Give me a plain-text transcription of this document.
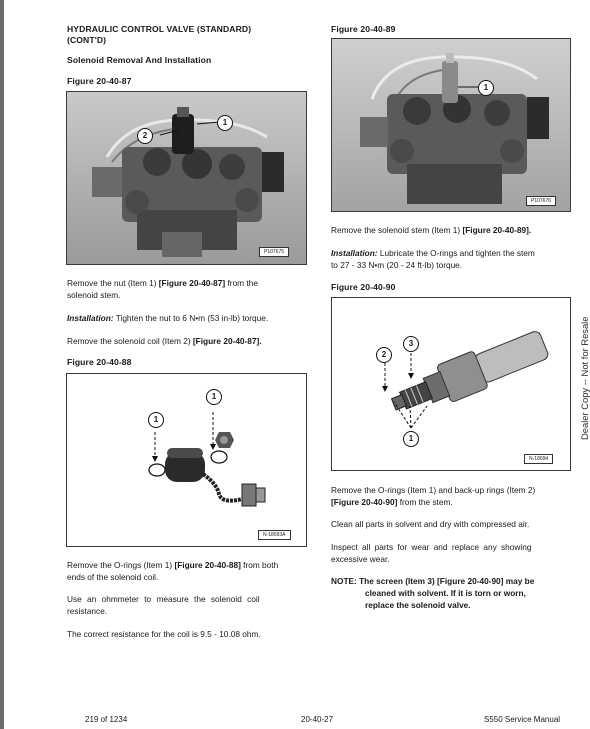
HYDRAULIC CONTROL VALVE (STANDARD)
(CONT'D)
Solenoid Removal And Installation
Figure 20-40-87
1
2
P107675
Remove the nut (Item 1) [Figure 20-40-87] from the
solenoid stem.
Installation: Tighten the nut to 6 N•m (53 in-lb) torque.
Remove the solenoid coil (Item 2) [Figure 20-40-87].
Figure 20-40-88
1
1
N-18693A
Remove the O-rings (Item 1) [Figure 20-40-88] from both
ends of the solenoid coil.
Use an ohmmeter to measure the solenoid coil
resistance.
The correct resistance for the coil is 9.5 - 10.08 ohm.
Figure 20-40-89
1
P107676
Remove the solenoid stem (Item 1) [Figure 20-40-89].
Installation: Lubricate the O-rings and tighten the stem
to 27 - 33 N•m (20 - 24 ft-lb) torque.
Figure 20-40-90
2
3
1
N-18694
Remove the O-rings (Item 1) and back-up rings (Item 2)
[Figure 20-40-90] from the stem.
Clean all parts in solvent and dry with compressed air.
Inspect all parts for wear and replace any showing
excessive wear.
NOTE: The screen (Item 3) [Figure 20-40-90] may be
cleaned with solvent. If it is torn or worn,
replace the solenoid valve.
Dealer Copy -- Not for Resale
219 of 1234	20-40-27	S550 Service Manual
